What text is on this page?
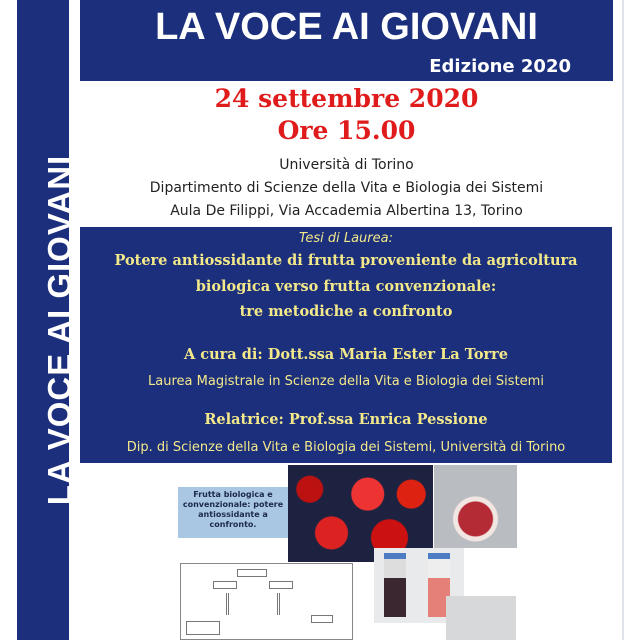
LA VOCE AI GIOVANI
LA VOCE AI GIOVANI
Edizione 2020
24 settembre 2020
Ore 15.00
Università di Torino
Dipartimento di Scienze della Vita e Biologia dei Sistemi
Aula De Filippi, Via Accademia Albertina 13, Torino
Tesi di Laurea:
Potere antiossidante di frutta proveniente da agricoltura
biologica verso frutta convenzionale:
tre metodiche a confronto
A cura di: Dott.ssa Maria Ester La Torre
Laurea Magistrale in Scienze della Vita e Biologia dei Sistemi
Relatrice: Prof.ssa Enrica Pessione
Dip. di Scienze della Vita e Biologia dei Sistemi, Università di Torino
Frutta biologica e convenzionale: potere antiossidante a confronto.
